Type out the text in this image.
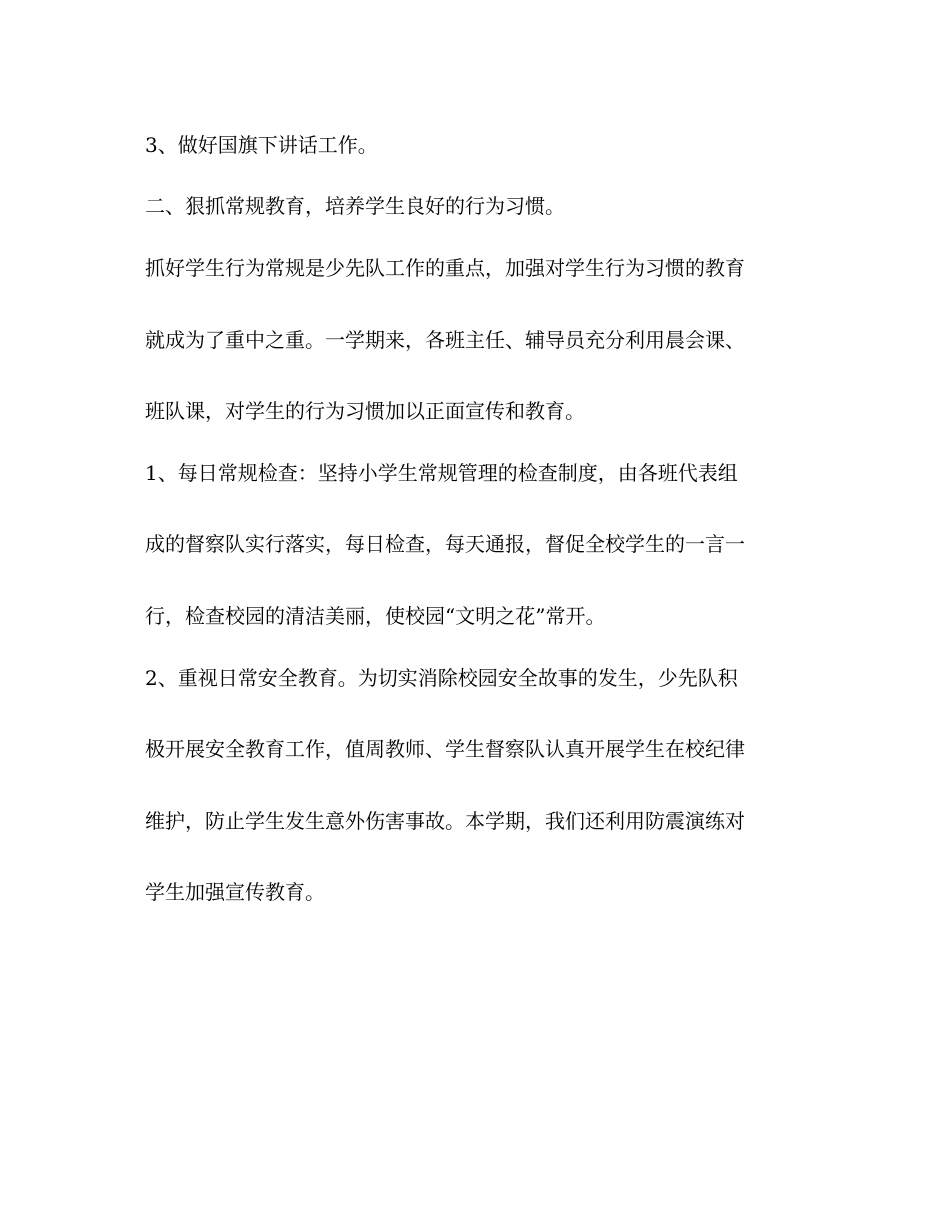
3、做好国旗下讲话工作。
二、狠抓常规教育，培养学生良好的行为习惯。
抓好学生行为常规是少先队工作的重点，加强对学生行为习惯的教育
就成为了重中之重。一学期来，各班主任、辅导员充分利用晨会课、
班队课，对学生的行为习惯加以正面宣传和教育。
1、每日常规检查：坚持小学生常规管理的检查制度，由各班代表组
成的督察队实行落实，每日检查，每天通报，督促全校学生的一言一
行，检查校园的清洁美丽，使校园“文明之花”常开。
2、重视日常安全教育。为切实消除校园安全故事的发生，少先队积
极开展安全教育工作，值周教师、学生督察队认真开展学生在校纪律
维护，防止学生发生意外伤害事故。本学期，我们还利用防震演练对
学生加强宣传教育。
